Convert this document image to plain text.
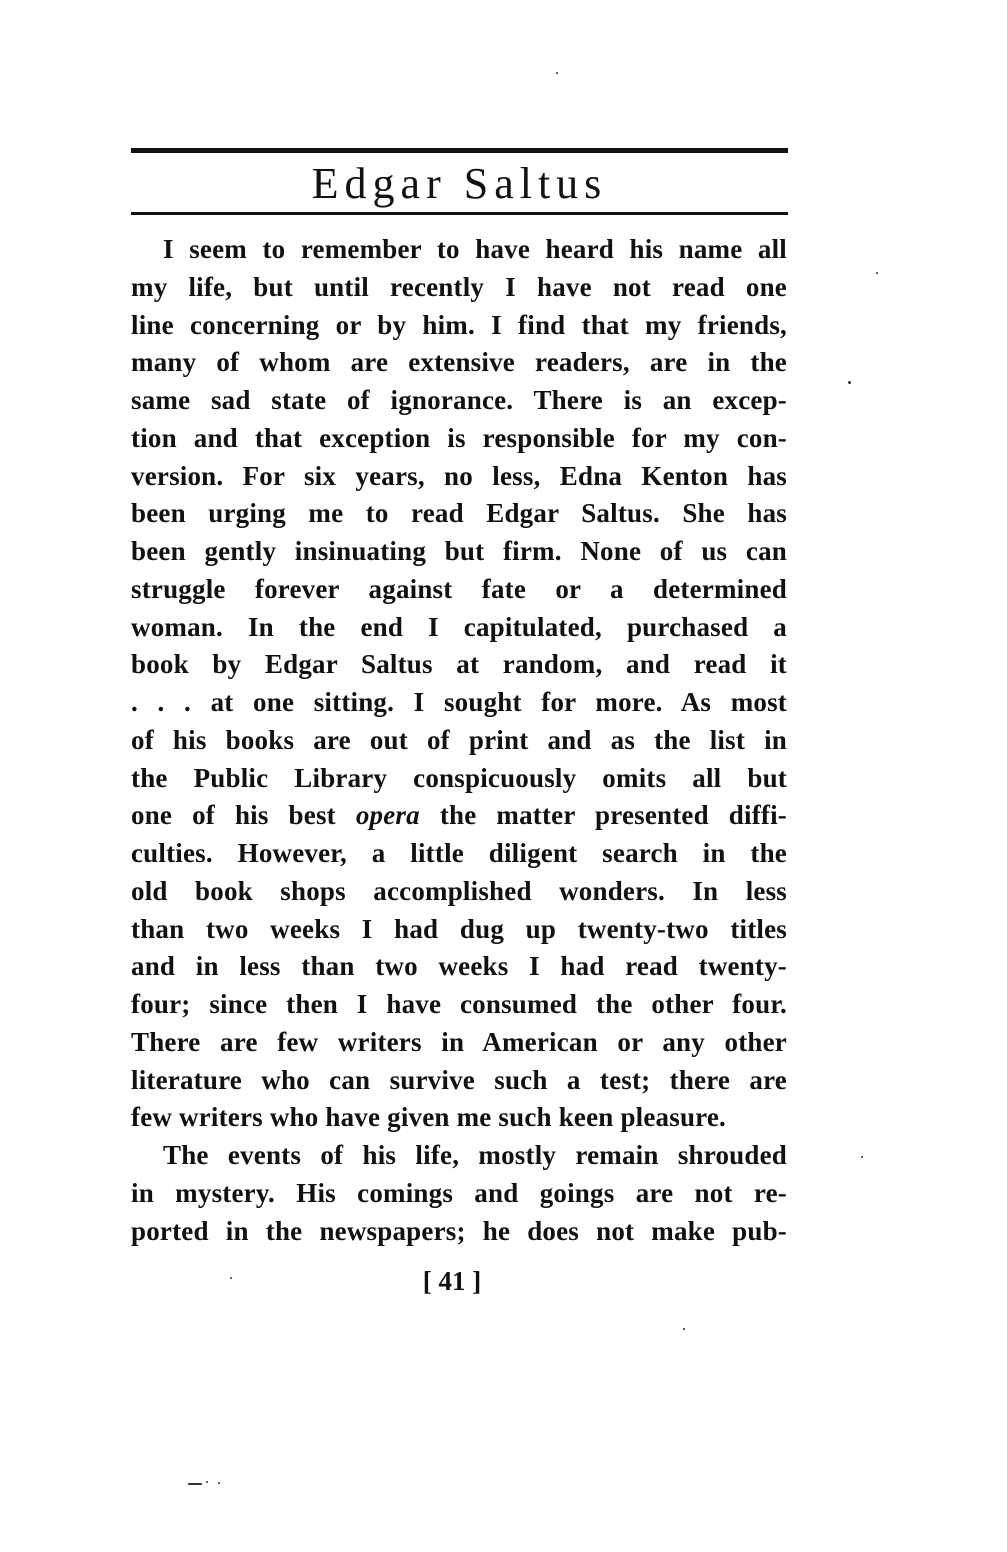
Edgar Saltus
I seem to remember to have heard his name all
my life, but until recently I have not read one
line concerning or by him. I find that my friends,
many of whom are extensive readers, are in the
same sad state of ignorance. There is an excep-
tion and that exception is responsible for my con-
version. For six years, no less, Edna Kenton has
been urging me to read Edgar Saltus. She has
been gently insinuating but firm. None of us can
struggle forever against fate or a determined
woman. In the end I capitulated, purchased a
book by Edgar Saltus at random, and read it
. . . at one sitting. I sought for more. As most
of his books are out of print and as the list in
the Public Library conspicuously omits all but
one of his best opera the matter presented diffi-
culties. However, a little diligent search in the
old book shops accomplished wonders. In less
than two weeks I had dug up twenty-two titles
and in less than two weeks I had read twenty-
four; since then I have consumed the other four.
There are few writers in American or any other
literature who can survive such a test; there are
few writers who have given me such keen pleasure.
The events of his life, mostly remain shrouded
in mystery. His comings and goings are not re-
ported in the newspapers; he does not make pub-
[ 41 ]
